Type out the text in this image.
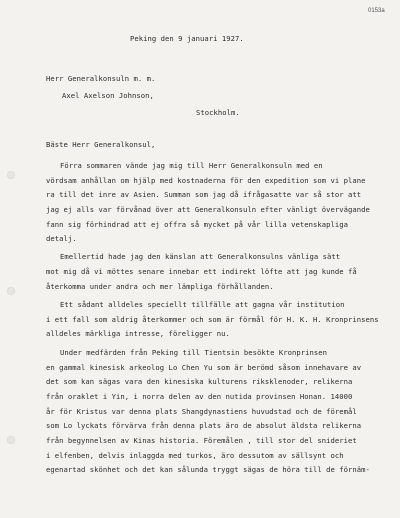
0153a
Peking den 9 januari 1927.
Herr Generalkonsuln m. m.
Axel Axelson Johnson,
Stockholm.
Bäste Herr Generalkonsul,
Förra sommaren vände jag mig till Herr Generalkonsuln med en
vördsam anhållan om hjälp med kostnaderna för den expedition som vi plane
ra till det inre av Asien. Summan som jag då ifrågasatte var så stor att
jag ej alls var förvånad över att Generalkonsuln efter vänligt övervägande
fann sig förhindrad att ej offra så mycket på vår lilla vetenskapliga
detalj.
Emellertid hade jag den känslan att Generalkonsulns vänliga sätt
mot mig då vi möttes senare innebar ett indirekt löfte att jag kunde få
återkomma under andra och mer lämpliga förhållanden.
Ett sådant alldeles speciellt tillfälle att gagna vår institution
i ett fall som aldrig återkommer och som är förmål för H. K. H. Kronprinsens
alldeles märkliga intresse, föreligger nu.
Under medfärden från Peking till Tientsin besökte Kronprinsen
en gammal kinesisk arkeolog Lo Chen Yu som är berömd såsom innehavare av
det som kan sägas vara den kinesiska kulturens riksklenoder, relikerna
från oraklet i Yin, i norra delen av den nutida provinsen Honan. 14000
år för Kristus var denna plats Shangdynastiens huvudstad och de föremål
som Lo lyckats förvärva från denna plats äro de absolut äldsta relikerna
från begynnelsen av Kinas historia. Föremålen , till stor del snideriet
i elfenben, delvis inlaggda med turkos, äro dessutom av sällsynt och
egenartad skönhet och det kan sålunda tryggt sägas de höra till de förnäm-
